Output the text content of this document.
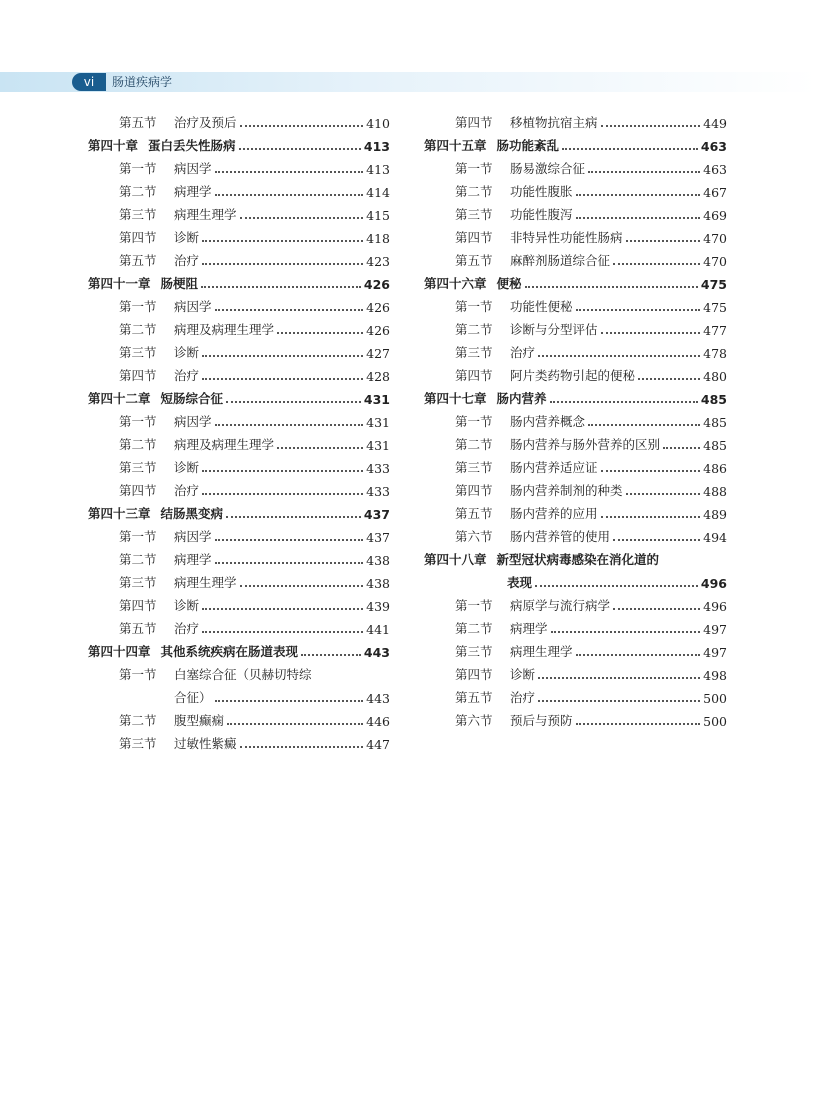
vi	肠道疾病学
第五节	治疗及预后	410
第四十章 蛋白丢失性肠病	413
第一节	病因学	413
第二节	病理学	414
第三节	病理生理学	415
第四节	诊断	418
第五节	治疗	423
第四十一章 肠梗阻	426
第一节	病因学	426
第二节	病理及病理生理学	426
第三节	诊断	427
第四节	治疗	428
第四十二章 短肠综合征	431
第一节	病因学	431
第二节	病理及病理生理学	431
第三节	诊断	433
第四节	治疗	433
第四十三章 结肠黑变病	437
第一节	病因学	437
第二节	病理学	438
第三节	病理生理学	438
第四节	诊断	439
第五节	治疗	441
第四十四章 其他系统疾病在肠道表现	443
第一节	白塞综合征（贝赫切特综
合征）	443
第二节	腹型癫痫	446
第三节	过敏性紫癜	447
第四节	移植物抗宿主病	449
第四十五章 肠功能紊乱	463
第一节	肠易激综合征	463
第二节	功能性腹胀	467
第三节	功能性腹泻	469
第四节	非特异性功能性肠病	470
第五节	麻醉剂肠道综合征	470
第四十六章 便秘	475
第一节	功能性便秘	475
第二节	诊断与分型评估	477
第三节	治疗	478
第四节	阿片类药物引起的便秘	480
第四十七章 肠内营养	485
第一节	肠内营养概念	485
第二节	肠内营养与肠外营养的区别	485
第三节	肠内营养适应证	486
第四节	肠内营养制剂的种类	488
第五节	肠内营养的应用	489
第六节	肠内营养管的使用	494
第四十八章 新型冠状病毒感染在消化道的
表现	496
第一节	病原学与流行病学	496
第二节	病理学	497
第三节	病理生理学	497
第四节	诊断	498
第五节	治疗	500
第六节	预后与预防	500
